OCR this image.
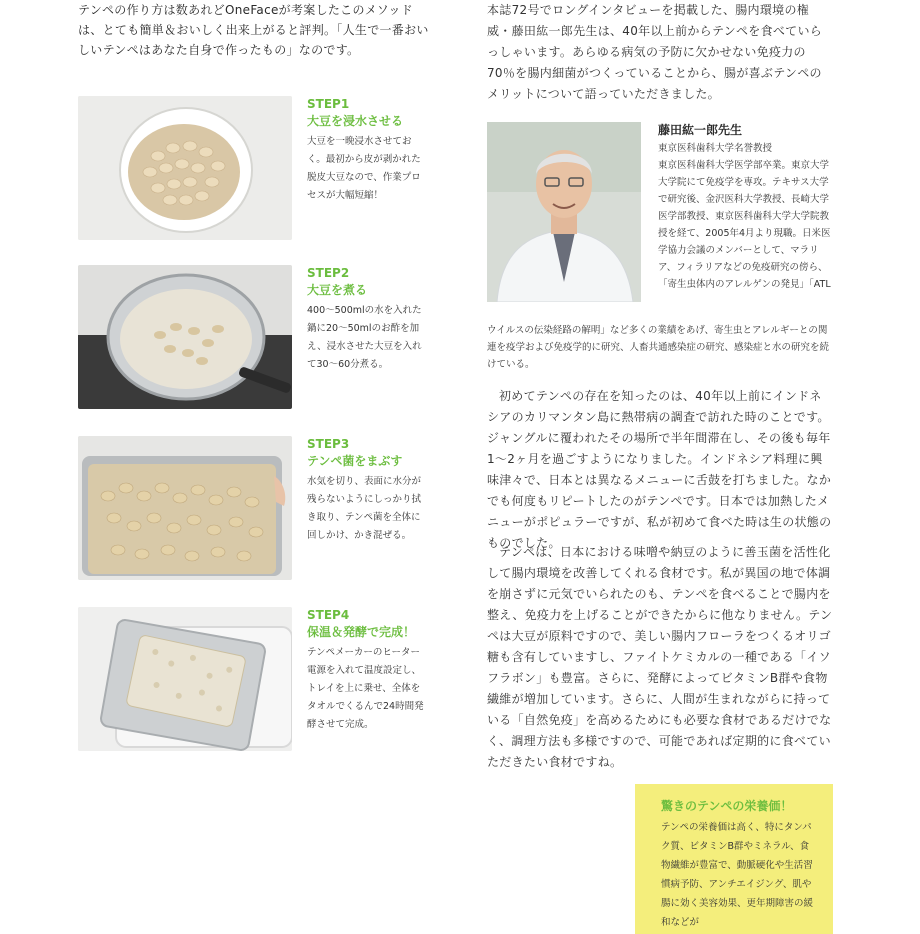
テンペの作り方は数あれどOneFaceが考案したこのメソッドは、とても簡単＆おいしく出来上がると評判。「人生で一番おいしいテンペはあなた自身で作ったもの」なのです。

STEP1
大豆を浸水させる

大豆を一晩浸水させておく。最初から皮が剥かれた脱皮大豆なので、作業プロセスが大幅短縮！

STEP2
大豆を煮る

400〜500mlの水を入れた鍋に20〜50mlのお酢を加え、浸水させた大豆を入れて30〜60分煮る。

STEP3
テンペ菌をまぶす

水気を切り、表面に水分が残らないようにしっかり拭き取り、テンペ菌を全体に回しかけ、かき混ぜる。

STEP4
保温＆発酵で完成！

テンペメーカーのヒーター電源を入れて温度設定し、トレイを上に乗せ、全体をタオルでくるんで24時間発酵させて完成。

本誌72号でロングインタビューを掲載した、腸内環境の権威・藤田紘一郎先生は、40年以上前からテンペを食べていらっしゃいます。あらゆる病気の予防に欠かせない免疫力の70％を腸内細菌がつくっていることから、腸が喜ぶテンペのメリットについて語っていただきました。

藤田紘一郎先生

東京医科歯科大学名誉教授
東京医科歯科大学医学部卒業。東京大学大学院にて免疫学を専攻。テキサス大学で研究後、金沢医科大学教授、長崎大学医学部教授、東京医科歯科大学大学院教授を経て、2005年4月より現職。日米医学協力会議のメンバーとして、マラリア、フィラリアなどの免疫研究の傍ら、「寄生虫体内のアレルゲンの発見」「ATL

ウイルスの伝染経路の解明」など多くの業績をあげ、寄生虫とアレルギーとの関連を疫学および免疫学的に研究、人畜共通感染症の研究、感染症と水の研究を続けている。

初めてテンペの存在を知ったのは、40年以上前にインドネシアのカリマンタン島に熱帯病の調査で訪れた時のことです。ジャングルに覆われたその場所で半年間滞在し、その後も毎年1〜2ヶ月を過ごすようになりました。インドネシア料理に興味津々で、日本とは異なるメニューに舌鼓を打ちました。なかでも何度もリピートしたのがテンペです。日本では加熱したメニューがポピュラーですが、私が初めて食べた時は生の状態のものでした。

テンペは、日本における味噌や納豆のように善玉菌を活性化して腸内環境を改善してくれる食材です。私が異国の地で体調を崩さずに元気でいられたのも、テンペを食べることで腸内を整え、免疫力を上げることができたからに他なりません。テンペは大豆が原料ですので、美しい腸内フローラをつくるオリゴ糖も含有していますし、ファイトケミカルの一種である「イソフラボン」も豊富。さらに、発酵によってビタミンB群や食物繊維が増加しています。さらに、人間が生まれながらに持っている「自然免疫」を高めるためにも必要な食材であるだけでなく、調理方法も多様ですので、可能であれば定期的に食べていただきたい食材ですね。

驚きのテンペの栄養価！

テンペの栄養価は高く、特にタンパク質、ビタミンB群やミネラル、食物繊維が豊富で、動脈硬化や生活習慣病予防、アンチエイジング、肌や腸に効く美容効果、更年期障害の緩和などが
